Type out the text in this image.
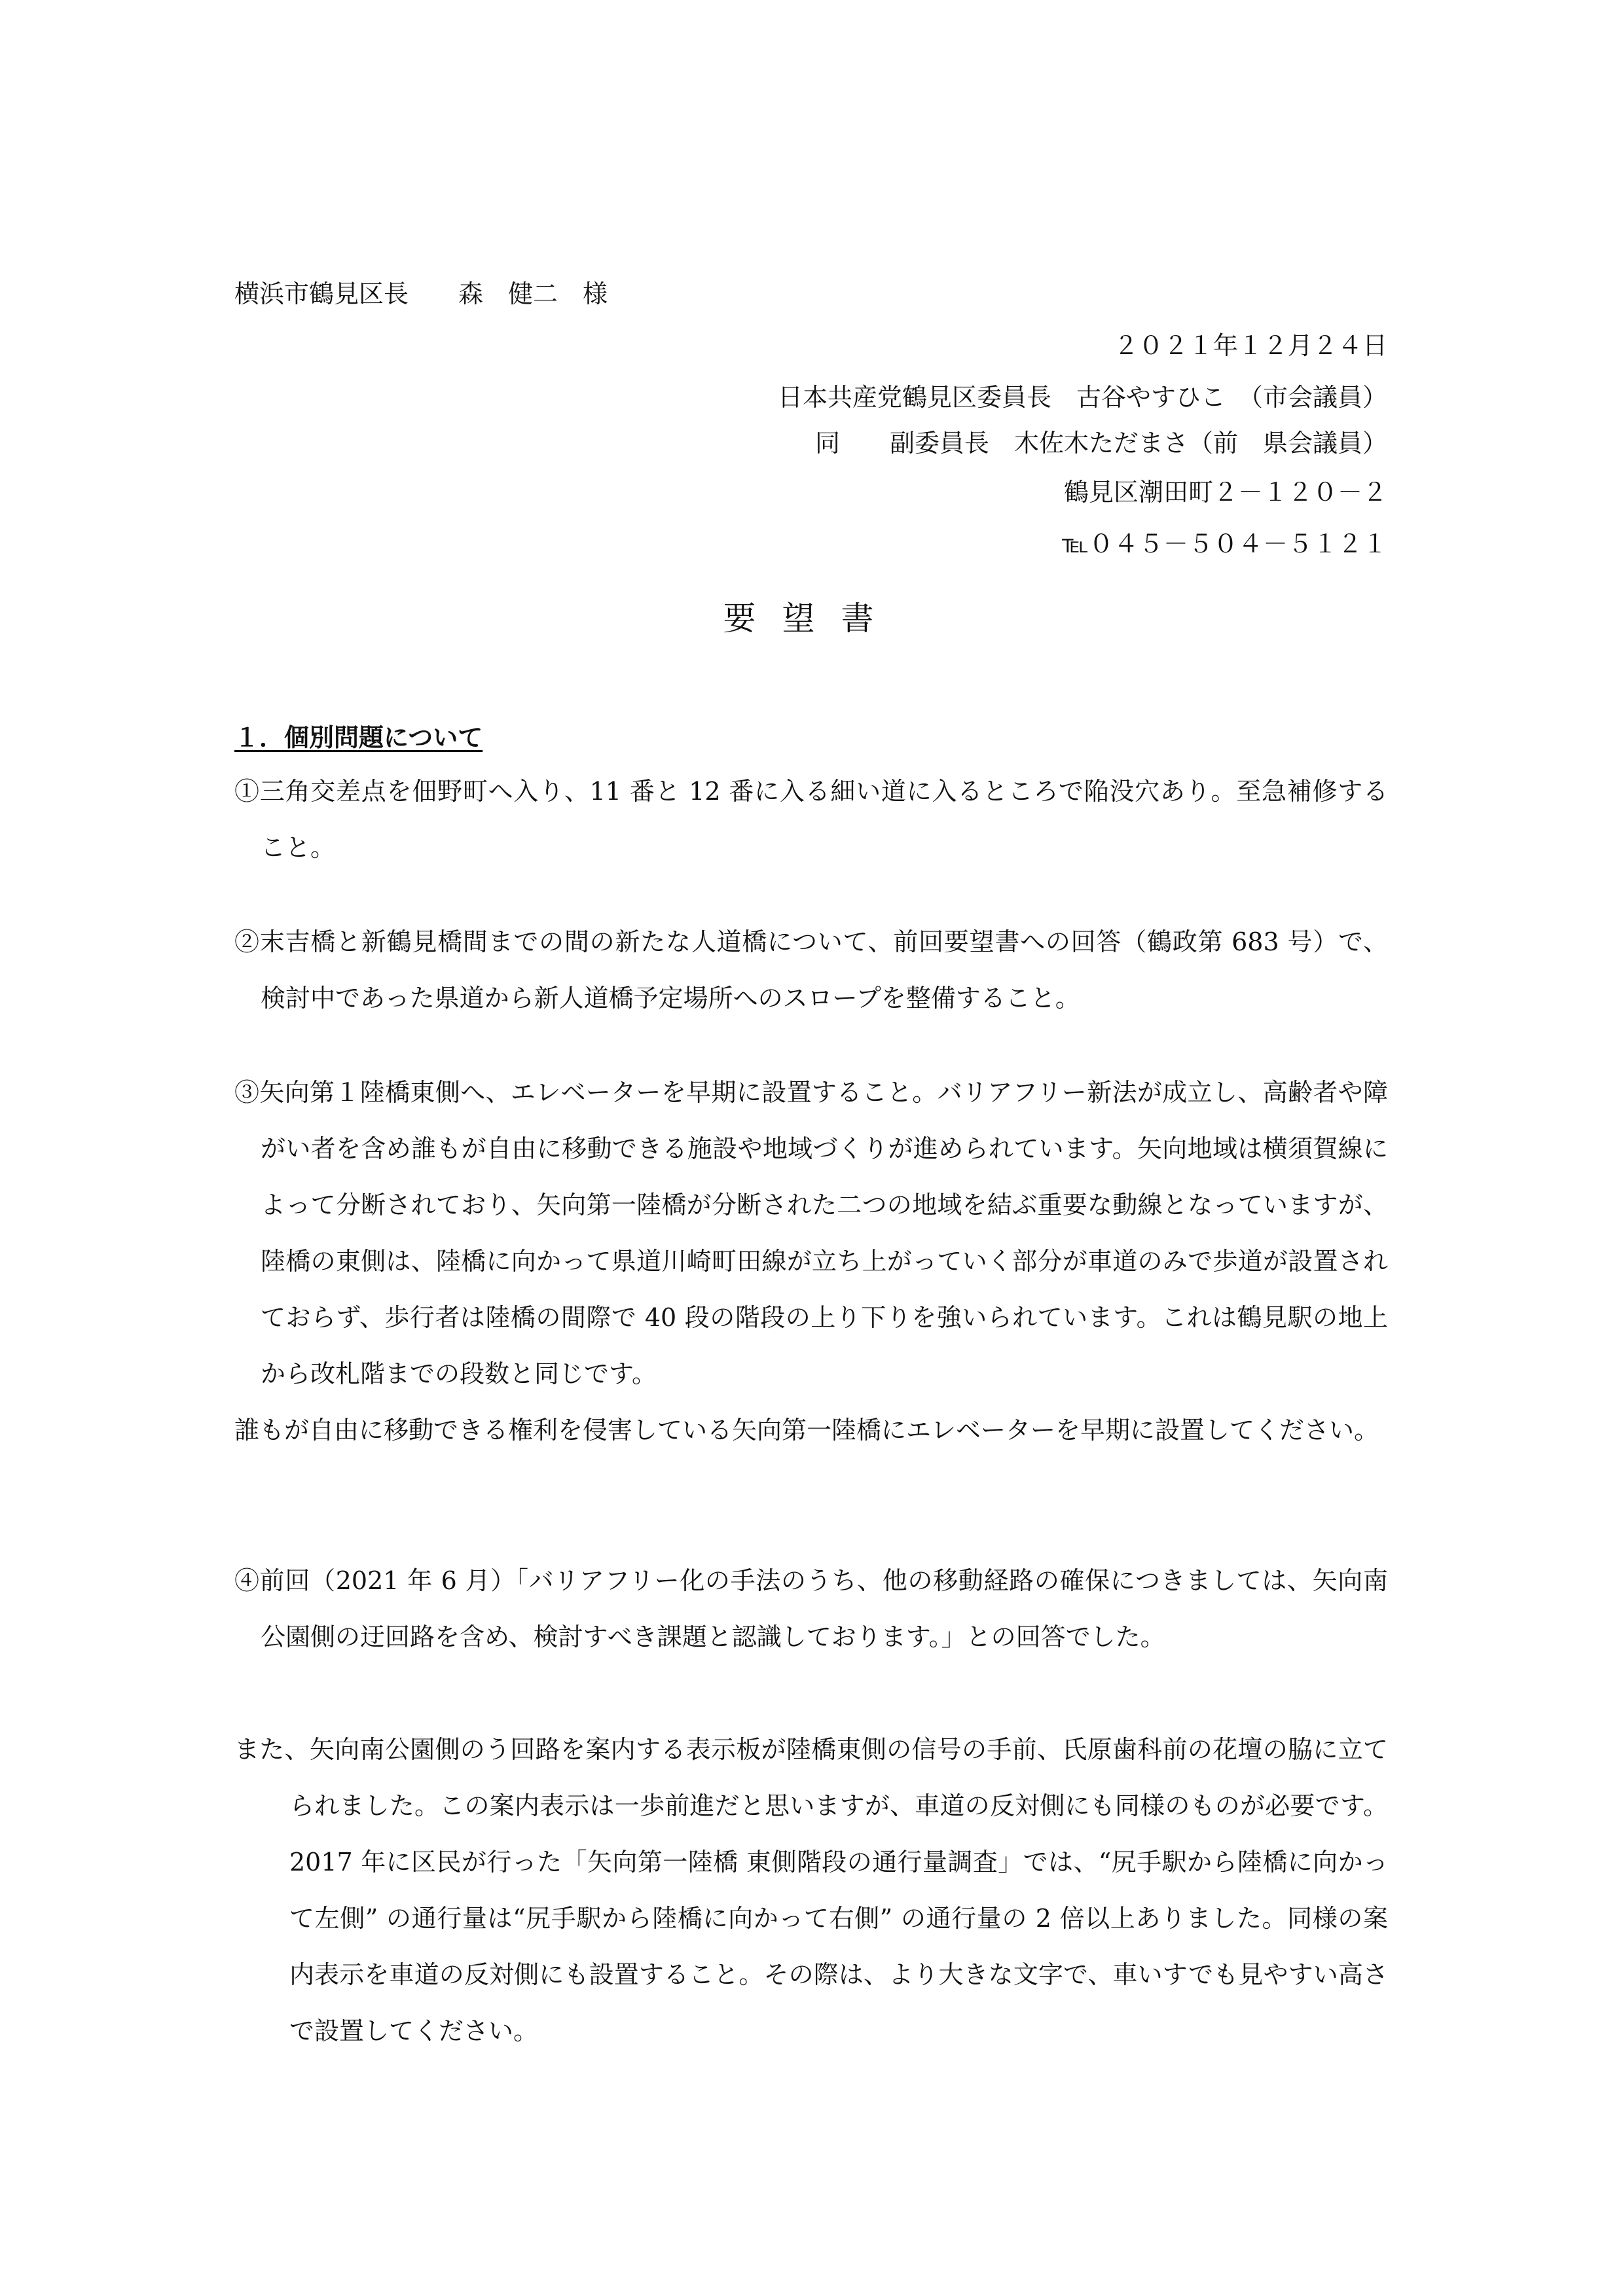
横浜市鶴見区長　　森　健二　様
２０２１年１２月２４日
日本共産党鶴見区委員長　古谷やすひこ　（市会議員）
同　　副委員長　木佐木ただまさ（前　県会議員）
鶴見区潮田町２－１２０－２
℡０４５－５０４－５１２１
要望書
１．個別問題について
①三角交差点を佃野町へ入り、11 番と 12 番に入る細い道に入るところで陥没穴あり。至急補修すること。
②末吉橋と新鶴見橋間までの間の新たな人道橋について、前回要望書への回答（鶴政第 683 号）で、検討中であった県道から新人道橋予定場所へのスロープを整備すること。
③矢向第１陸橋東側へ、エレベーターを早期に設置すること。バリアフリー新法が成立し、高齢者や障がい者を含め誰もが自由に移動できる施設や地域づくりが進められています。矢向地域は横須賀線によって分断されており、矢向第一陸橋が分断された二つの地域を結ぶ重要な動線となっていますが、陸橋の東側は、陸橋に向かって県道川崎町田線が立ち上がっていく部分が車道のみで歩道が設置されておらず、歩行者は陸橋の間際で 40 段の階段の上り下りを強いられています。これは鶴見駅の地上から改札階までの段数と同じです。
誰もが自由に移動できる権利を侵害している矢向第一陸橋にエレベーターを早期に設置してください。
④前回（2021 年 6 月）「バリアフリー化の手法のうち、他の移動経路の確保につきましては、矢向南公園側の迂回路を含め、検討すべき課題と認識しております。」との回答でした。
また、矢向南公園側のう回路を案内する表示板が陸橋東側の信号の手前、氏原歯科前の花壇の脇に立てられました。この案内表示は一歩前進だと思いますが、車道の反対側にも同様のものが必要です。2017 年に区民が行った「矢向第一陸橋 東側階段の通行量調査」では、“尻手駅から陸橋に向かって左側” の通行量は“尻手駅から陸橋に向かって右側” の通行量の 2 倍以上ありました。同様の案内表示を車道の反対側にも設置すること。その際は、より大きな文字で、車いすでも見やすい高さで設置してください。
